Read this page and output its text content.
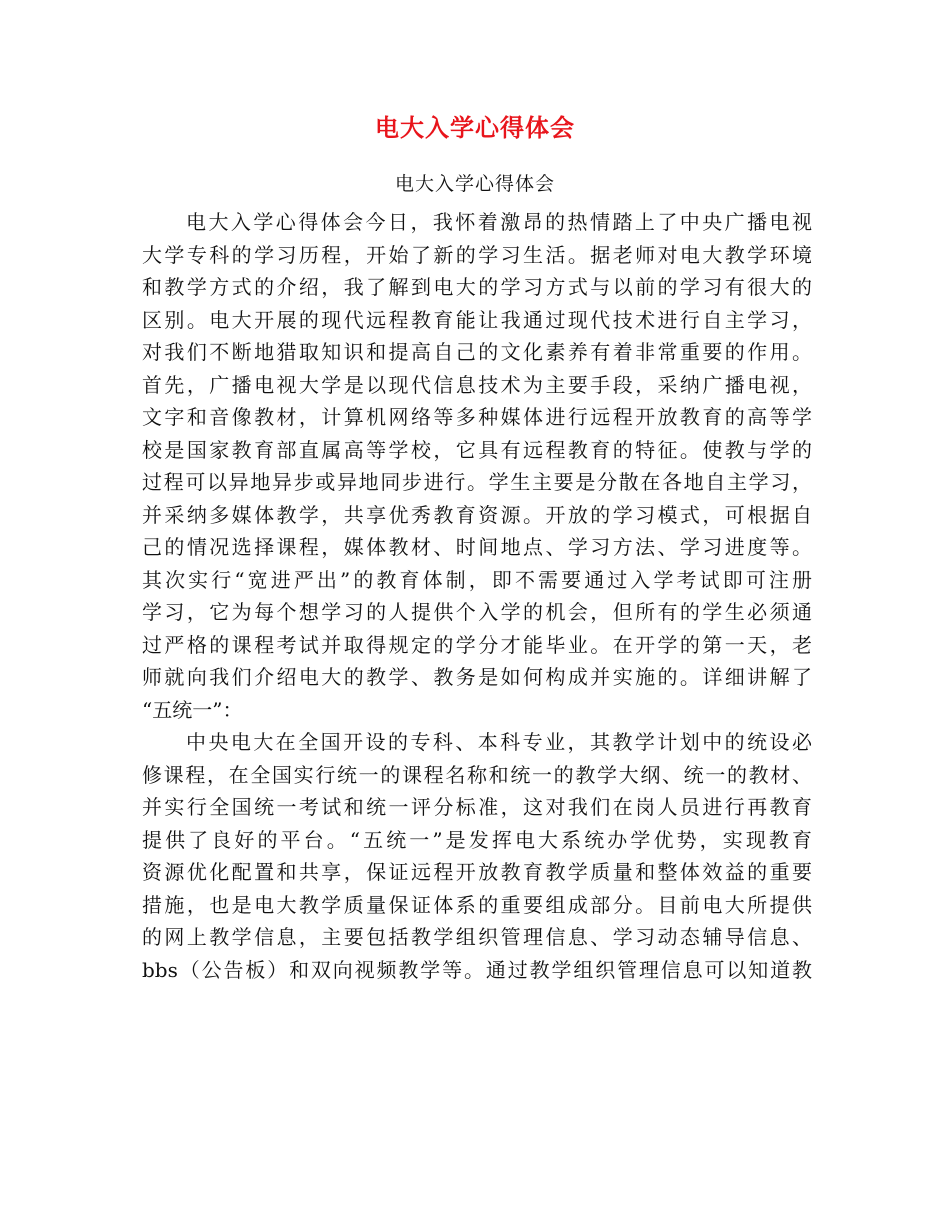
电大入学心得体会
电大入学心得体会
电大入学心得体会今日，我怀着激昂的热情踏上了中央广播电视
大学专科的学习历程，开始了新的学习生活。据老师对电大教学环境
和教学方式的介绍，我了解到电大的学习方式与以前的学习有很大的
区别。电大开展的现代远程教育能让我通过现代技术进行自主学习，
对我们不断地猎取知识和提高自己的文化素养有着非常重要的作用。
首先，广播电视大学是以现代信息技术为主要手段，采纳广播电视，
文字和音像教材，计算机网络等多种媒体进行远程开放教育的高等学
校是国家教育部直属高等学校，它具有远程教育的特征。使教与学的
过程可以异地异步或异地同步进行。学生主要是分散在各地自主学习，
并采纳多媒体教学，共享优秀教育资源。开放的学习模式，可根据自
己的情况选择课程，媒体教材、时间地点、学习方法、学习进度等。
其次实行“宽进严出”的教育体制，即不需要通过入学考试即可注册
学习，它为每个想学习的人提供个入学的机会，但所有的学生必须通
过严格的课程考试并取得规定的学分才能毕业。在开学的第一天，老
师就向我们介绍电大的教学、教务是如何构成并实施的。详细讲解了
“五统一”：
中央电大在全国开设的专科、本科专业，其教学计划中的统设必
修课程，在全国实行统一的课程名称和统一的教学大纲、统一的教材、
并实行全国统一考试和统一评分标准，这对我们在岗人员进行再教育
提供了良好的平台。“五统一”是发挥电大系统办学优势，实现教育
资源优化配置和共享，保证远程开放教育教学质量和整体效益的重要
措施，也是电大教学质量保证体系的重要组成部分。目前电大所提供
的网上教学信息，主要包括教学组织管理信息、学习动态辅导信息、
bbs（公告板）和双向视频教学等。通过教学组织管理信息可以知道教
